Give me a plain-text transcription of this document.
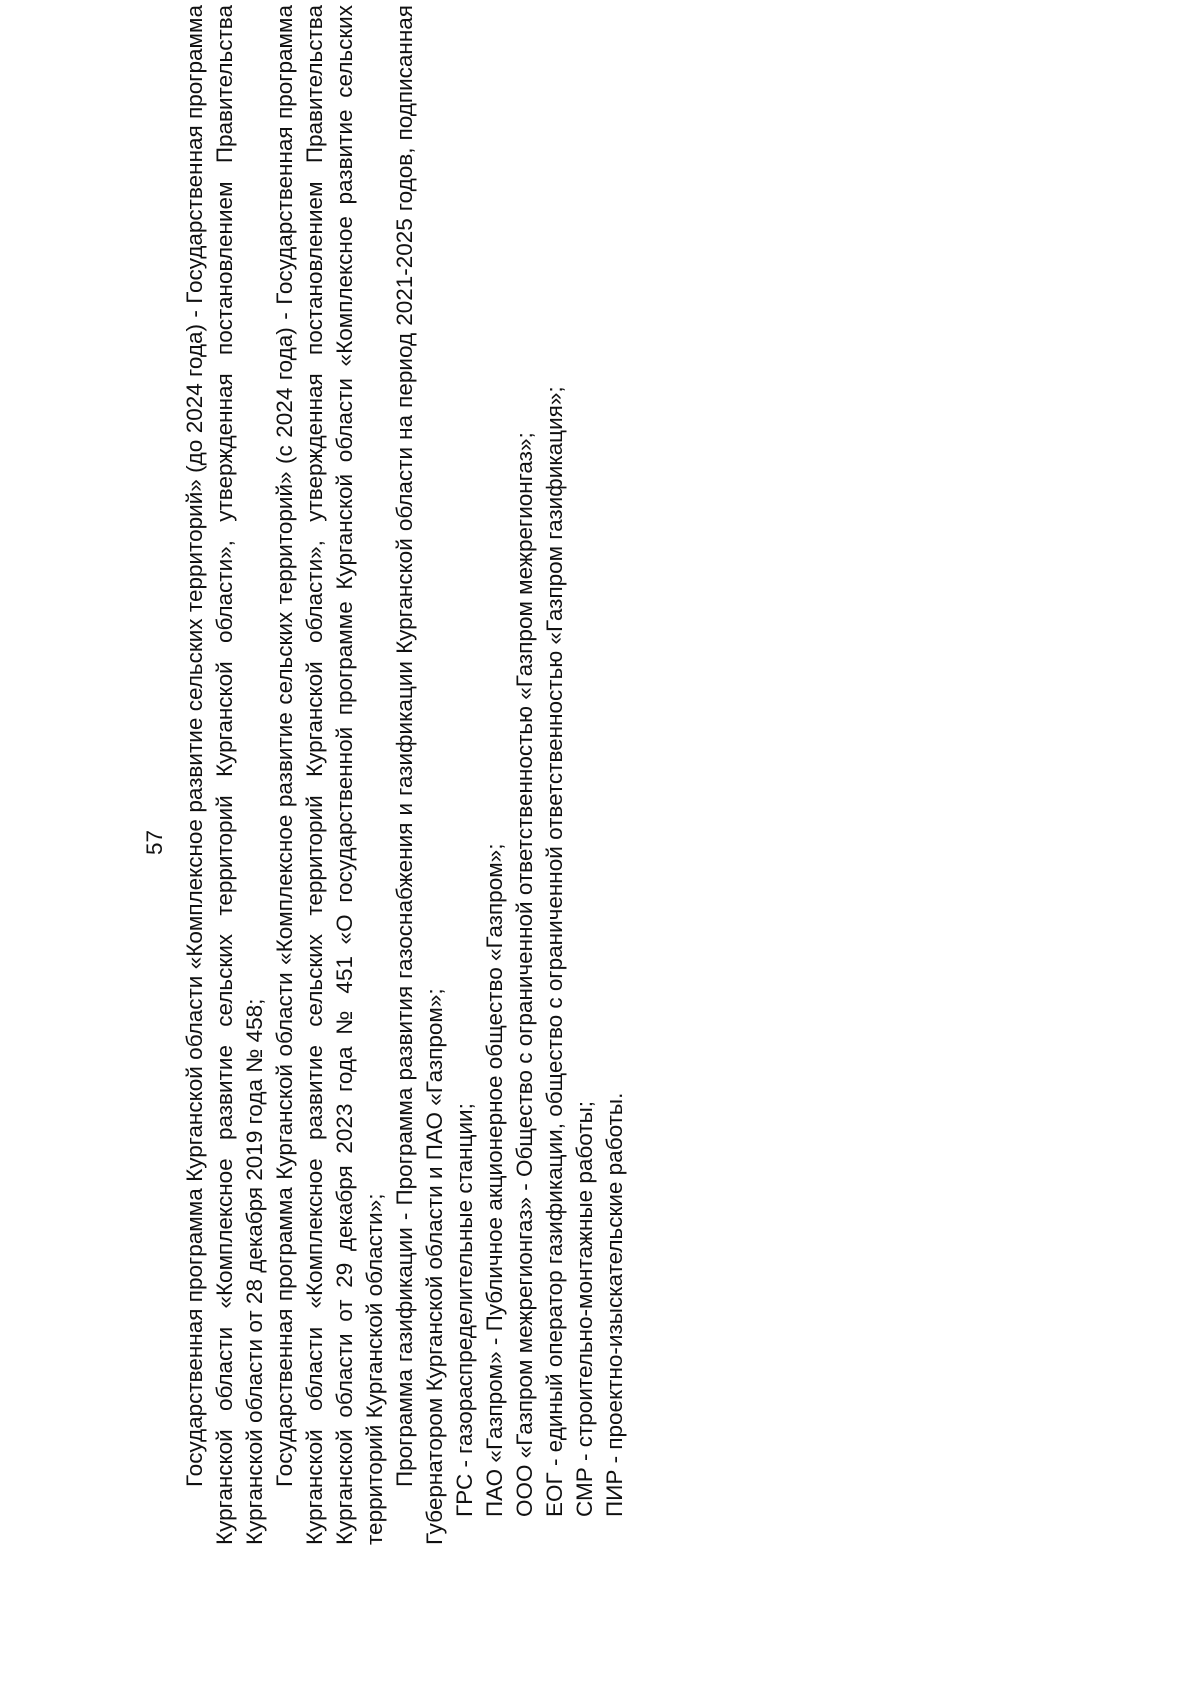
57 Государственная программа Курганской области «Комплексное развитие сельских территорий» (до 2024 года) - Государственная программа Курганской области «Комплексное развитие сельских территорий Курганской области», утвержденная постановлением Правительства Курганской области от 28 декабря 2019 года № 458; Государственная программа Курганской области «Комплексное развитие сельских территорий» (с 2024 года) - Государственная программа Курганской области «Комплексное развитие сельских территорий Курганской области», утвержденная постановлением Правительства Курганской области от 29 декабря 2023 года № 451 «О государственной программе Курганской области «Комплексное развитие сельских территорий Курганской области»; Программа газификации - Программа развития газоснабжения и газификации Курганской области на период 2021-2025 годов, подписанная Губернатором Курганской области и ПАО «Газпром»; ГРС - газораспределительные станции; ПАО «Газпром» - Публичное акционерное общество «Газпром»; ООО «Газпром межрегионгаз» - Общество с ограниченной ответственностью «Газпром межрегионгаз»; ЕОГ - единый оператор газификации, общество с ограниченной ответственностью «Газпром газификация»; СМР - строительно-монтажные работы; ПИР - проектно-изыскательские работы.
